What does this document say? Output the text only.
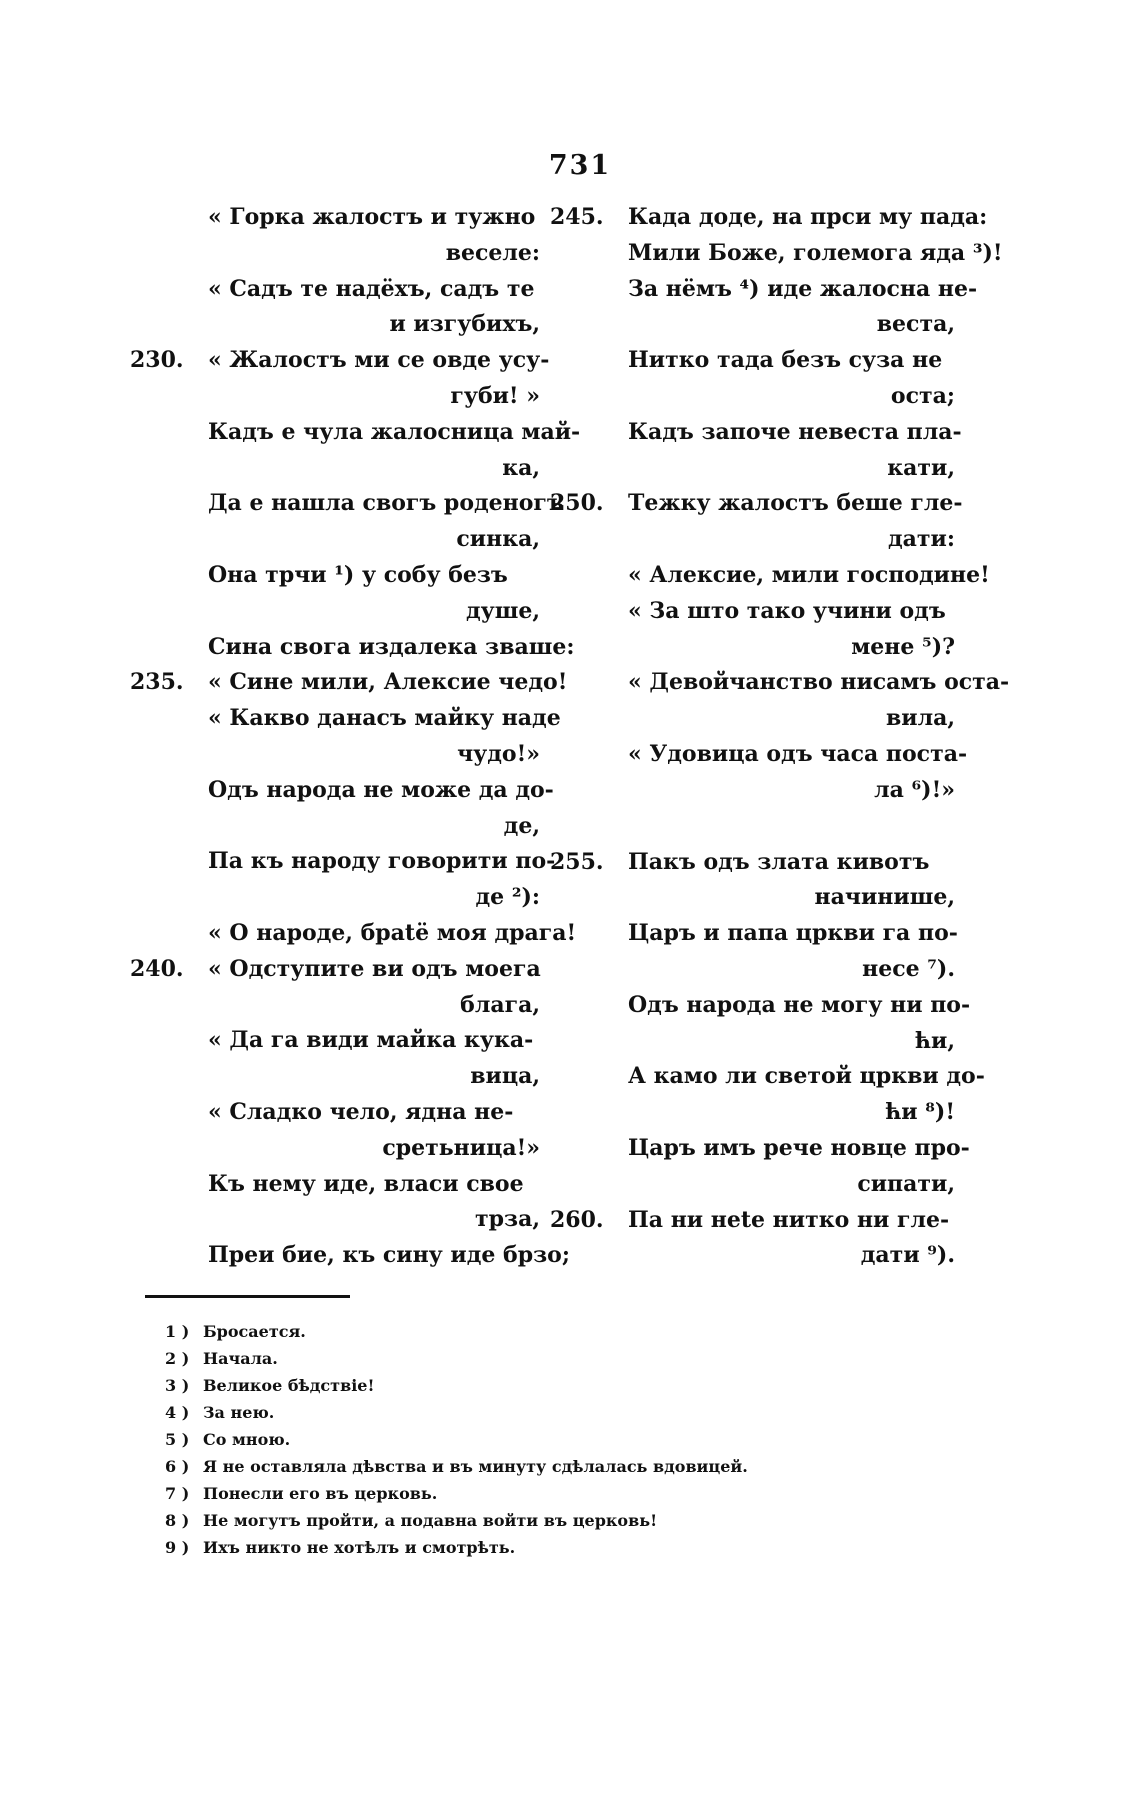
731
« Горка жалостъ и тужно
веселе:
« Садъ те надёхъ, садъ те
и изгубихъ,
230.	« Жалостъ ми се овде усу-
губи! »
Кадъ e чула жалосница май-
ка,
Да e нашла свогъ роденогъ
синка,
Она трчи ¹) у собу безъ
душе,
Сина свога издалека зваше:
235.	« Сине мили, Алексие чедо!
« Какво данасъ майку наде
чудо!»
Одъ народа не може да до-
де,
Па къ народу говорити по-
де ²):
« О народе, браtё моя драга!
240.	« Одступите ви одъ моега
блага,
« Да га види майка кука-
вица,
« Сладко чело, ядна не-
сретьница!»
Къ нему иде, власи свое
трза,
Преи бие, къ сину иде брзо;
245.	Када доде, на прси му пада:
Мили Боже, големога яда ³)!
За нёмъ ⁴) иде жалосна не-
веста,
Нитко тада безъ суза не
оста;
Кадъ започе невеста пла-
кати,
250.	Тежку жалостъ беше гле-
дати:
« Алексие, мили господине!
« За што тако учини одъ
мене ⁵)?
« Девойчанство нисамъ оста-
вила,
« Удовица одъ часа поста-
ла ⁶)!»
255.	Пакъ одъ злата кивотъ
начинише,
Царъ и папа цркви га по-
несе ⁷).
Одъ народа не могу ни по-
ћи,
А камо ли светой цркви до-
ћи ⁸)!
Царъ имъ рече новце про-
сипати,
260.	Па ни неtе нитко ни гле-
дати ⁹).
1 ) Бросается.
2 ) Начала.
3 ) Великое бѣдствіе!
4 ) За нею.
5 ) Со мною.
6 ) Я не оставляла дѣвства и въ минуту сдѣлалась вдовицей.
7 ) Понесли его въ церковь.
8 ) Не могутъ пройти, а подавна войти въ церковь!
9 ) Ихъ никто не хотѣлъ и смотрѣть.
